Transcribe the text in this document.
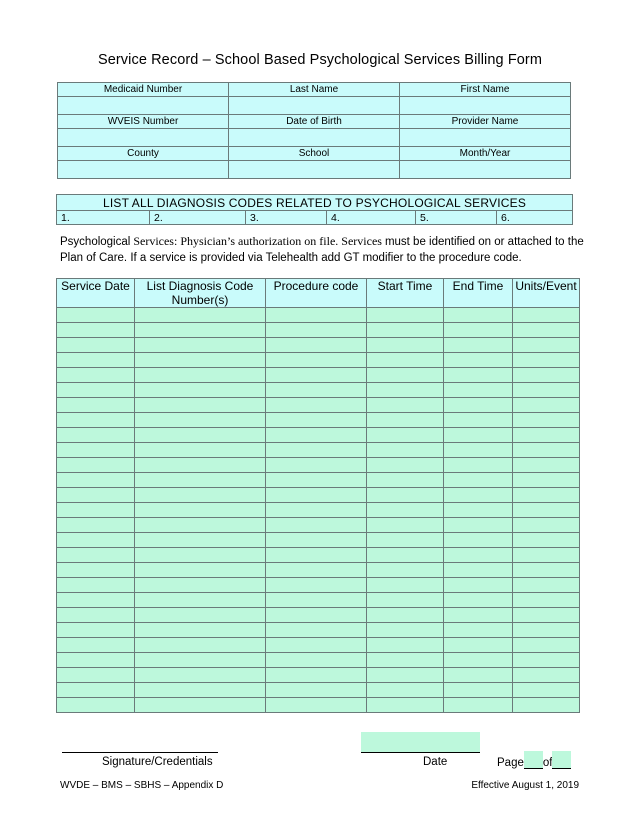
Service Record – School Based Psychological Services Billing Form
Medicaid Number	Last Name	First Name

WVEIS Number	Date of Birth	Provider Name

County	School	Month/Year

LIST ALL DIAGNOSIS CODES RELATED TO PSYCHOLOGICAL SERVICES
1.	2.	3.	4.	5.	6.
Psychological Services: Physician’s authorization on file. Services must be identified on or attached to the Plan of Care. If a service is provided via Telehealth add GT modifier to the procedure code.
Service Date	List Diagnosis Code Number(s)	Procedure code	Start Time	End Time	Units/Event

Signature/Credentials	Date	Page of
WVDE – BMS – SBHS – Appendix D	Effective August 1, 2019
